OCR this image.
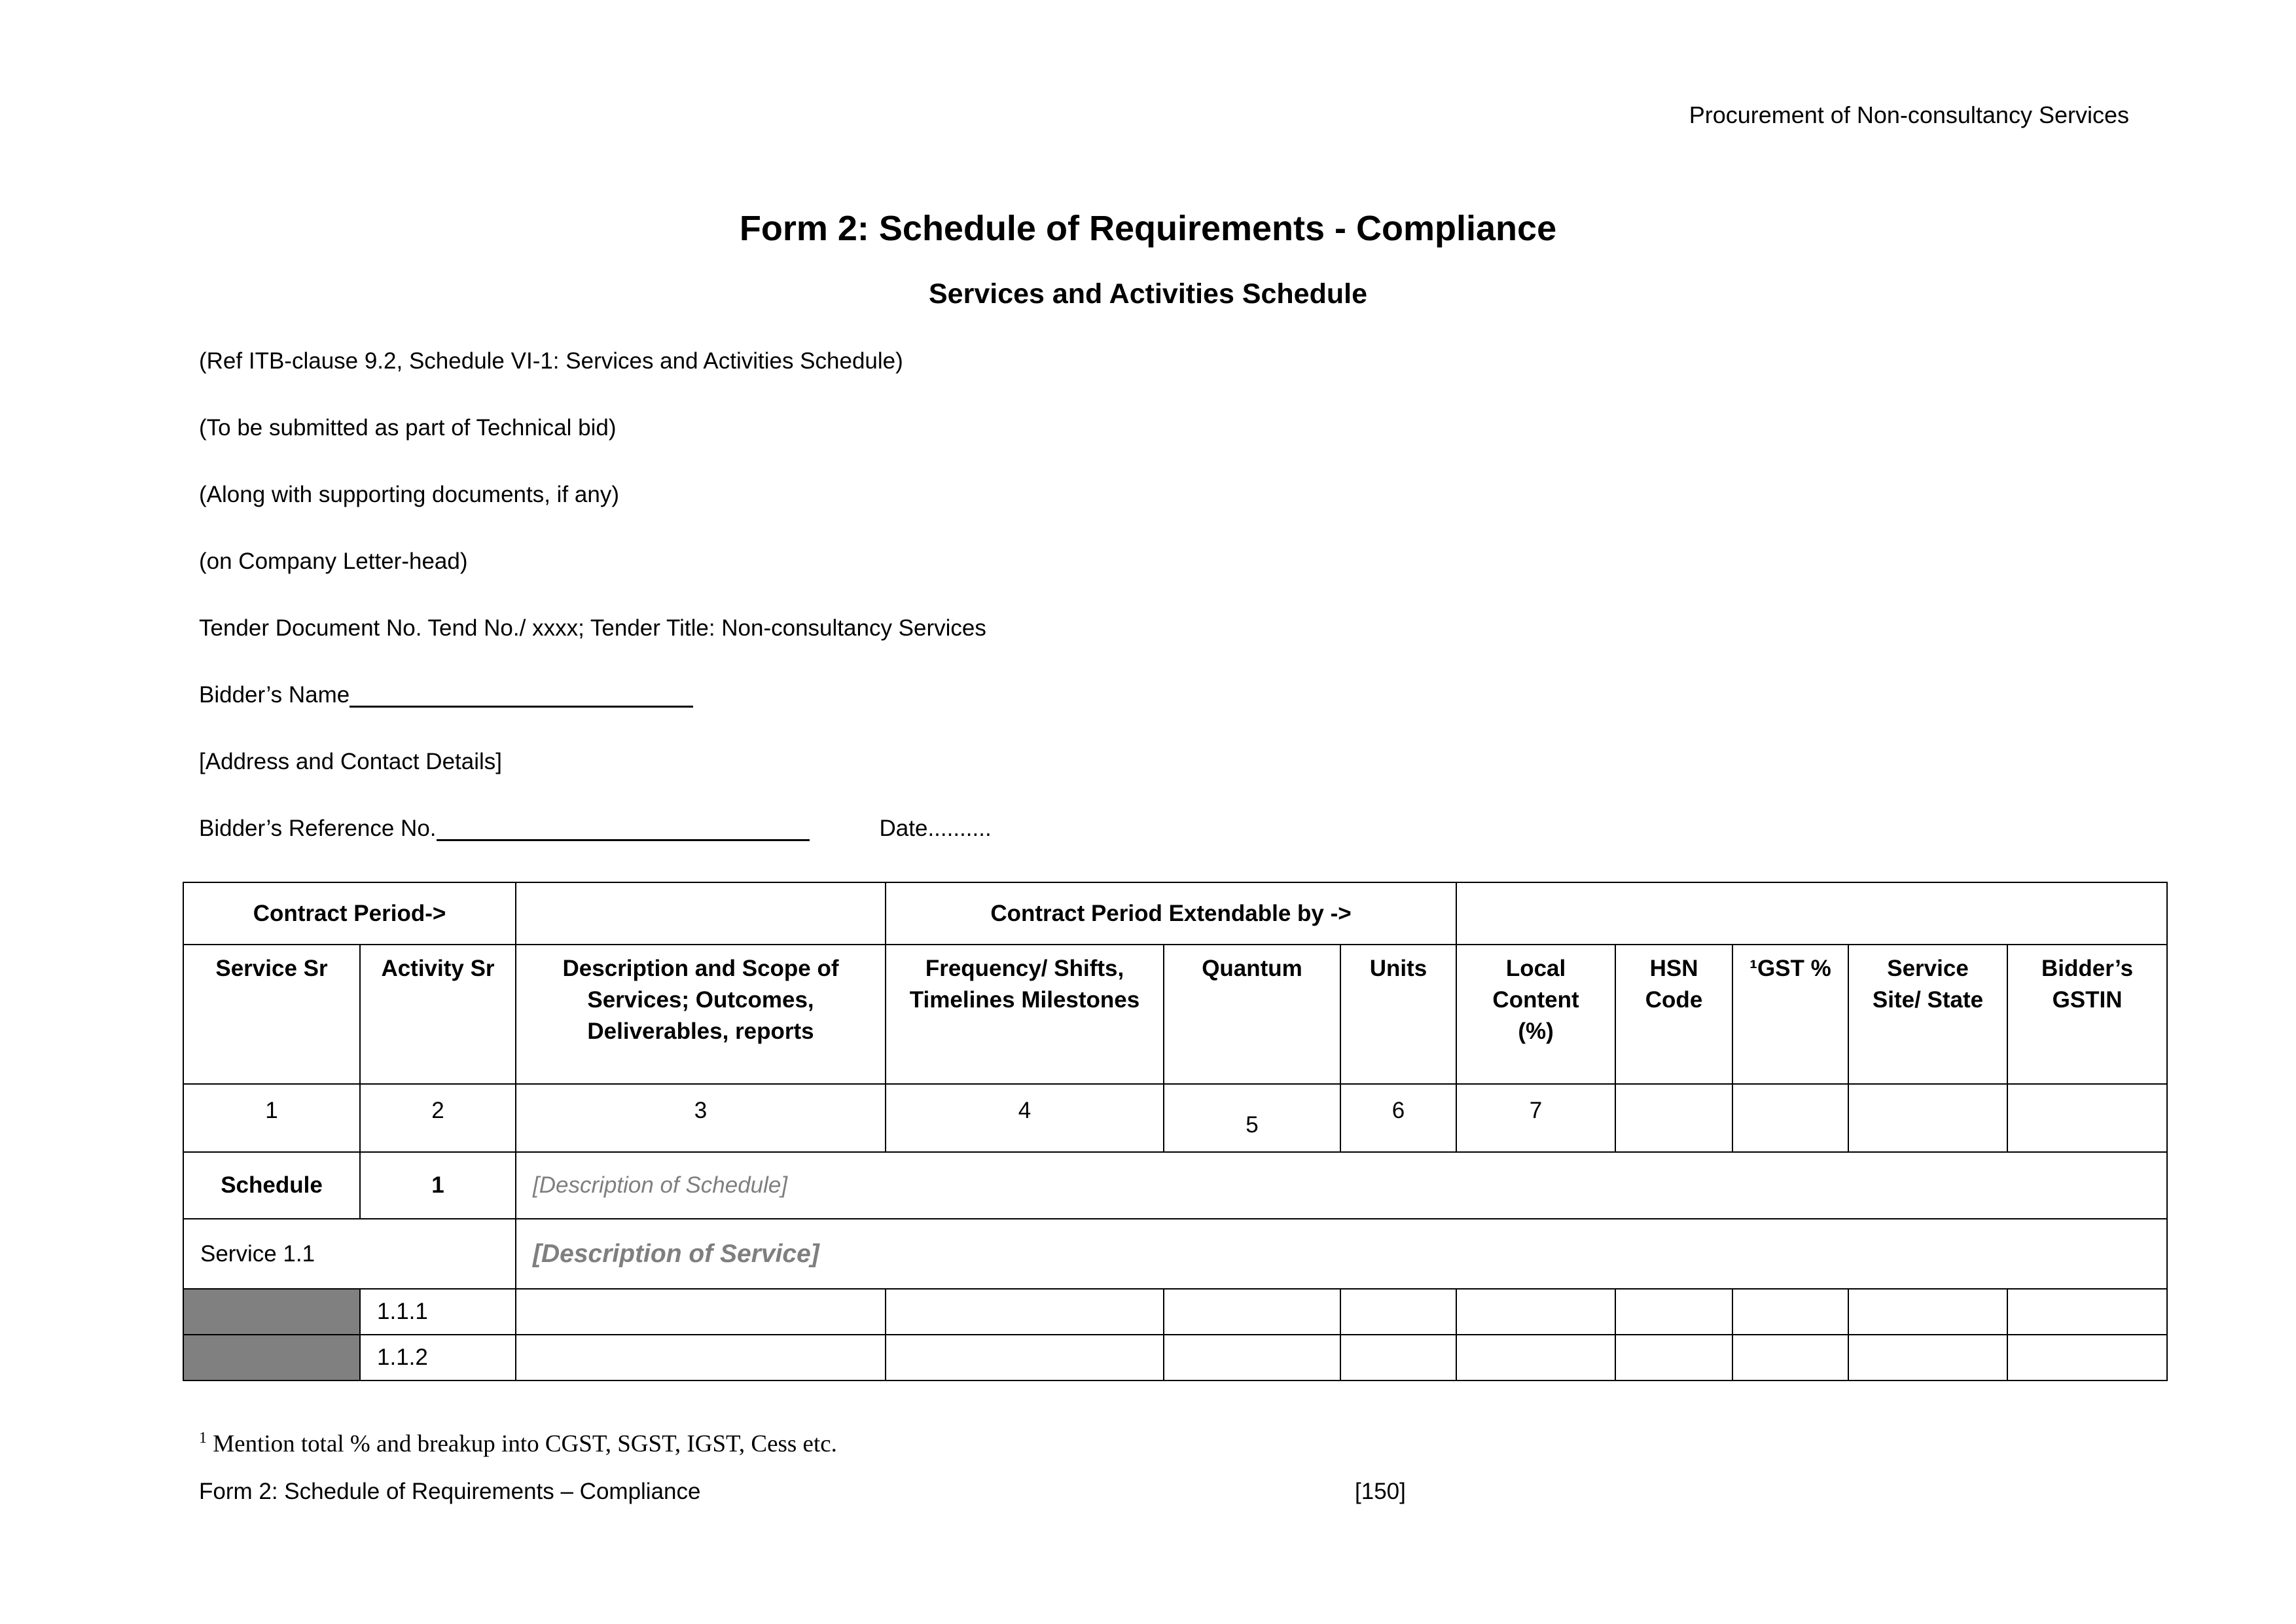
Procurement of Non-consultancy Services
Form 2: Schedule of Requirements - Compliance
Services and Activities Schedule

(Ref ITB-clause 9.2, Schedule VI-1: Services and Activities Schedule)

(To be submitted as part of Technical bid)

(Along with supporting documents, if any)

(on Company Letter-head)

Tender Document No. Tend No./ xxxx; Tender Title: Non-consultancy Services

Bidder’s Name

[Address and Contact Details]

Bidder’s Reference No.	Date..........

Contract Period->			Contract Period Extendable by ->							
Service Sr	Activity Sr	Description and Scope of Services; Outcomes, Deliverables, reports	Frequency/ Shifts, Timelines Milestones	Quantum	Units	Local Content (%)	HSN Code	¹GST %	Service Site/ State	Bidder’s GSTIN
1	2	3	4	5	6	7				
Schedule	1	[Description of Schedule]								
Service 1.1		[Description of Service]								
	1.1.1									
	1.1.2									

$^1$ Mention total % and breakup into CGST, SGST, IGST, Cess etc.

Form 2: Schedule of Requirements – Compliance	[150]
